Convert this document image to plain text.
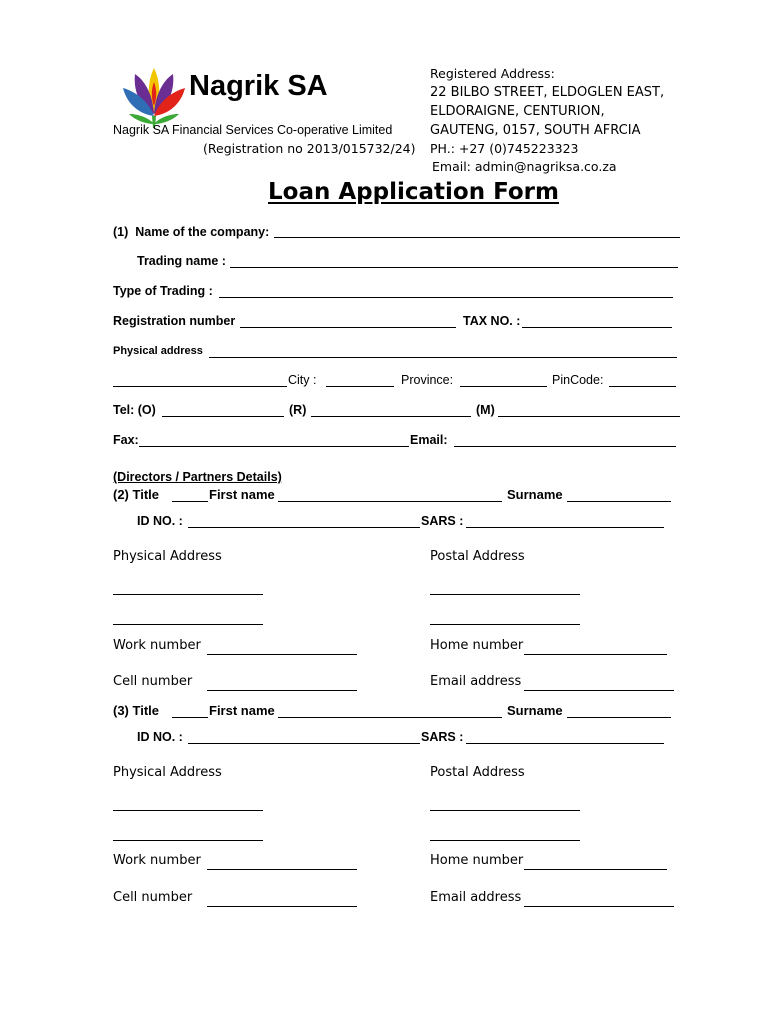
Nagrik SA
Nagrik SA Financial Services Co-operative Limited
(Registration no 2013/015732/24)
Registered Address:
22 BILBO STREET, ELDOGLEN EAST,
ELDORAIGNE, CENTURION,
GAUTENG, 0157, SOUTH AFRCIA
PH.: +27 (0)745223323
Email: admin@nagriksa.co.za
Loan Application Form
(1)  Name of the company:
Trading name :
Type of Trading :
Registration number	TAX NO. :
Physical address
City :	Province:	PinCode:
Tel: (O)	(R)	(M)
Fax:	Email:
(Directors / Partners Details)
(2) Title	First name	Surname
ID NO. :	SARS :
Physical Address	Postal Address
Work number	Home number
Cell number	Email address
(3) Title	First name	Surname
ID NO. :	SARS :
Physical Address	Postal Address
Work number	Home number
Cell number	Email address
